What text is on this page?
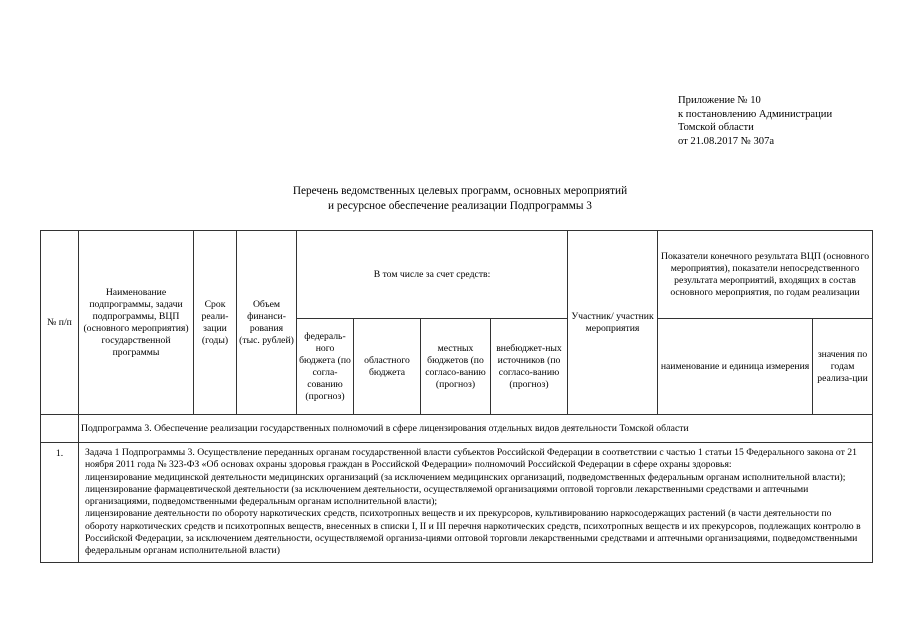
Приложение № 10
к постановлению Администрации
Томской области
от 21.08.2017 № 307а
Перечень ведомственных целевых программ, основных мероприятий
и ресурсное обеспечение реализации Подпрограммы 3
№ п/п	Наименование подпрограммы, задачи подпрограммы, ВЦП (основного мероприятия) государственной программы	Срок реали-зации (годы)	Объем финанси-рования (тыс. рублей)	В том числе за счет средств:				Участник/ участник мероприятия	Показатели конечного результата ВЦП (основного мероприятия), показатели непосредственного результата мероприятий, входящих в состав основного мероприятия, по годам реализации	
				федераль-ного бюджета (по согла-сованию (прогноз)	областного бюджета	местных бюджетов (по согласо-ванию (прогноз)	внебюджет-ных источников (по согласо-ванию (прогноз)		наименование и единица измерения	значения по годам реализа-ции
	Подпрограмма 3. Обеспечение реализации государственных полномочий в сфере лицензирования отдельных видов деятельности Томской области									
1.	Задача 1 Подпрограммы 3. Осуществление переданных органам государственной власти субъектов Российской Федерации в соответствии с частью 1 статьи 15 Федерального закона от 21 ноября 2011 года № 323-ФЗ «Об основах охраны здоровья граждан в Российской Федерации» полномочий Российской Федерации в сфере охраны здоровья:

лицензирование медицинской деятельности медицинских организаций (за исключением медицинских организаций, подведомственных федеральным органам исполнительной власти);

лицензирование фармацевтической деятельности (за исключением деятельности, осуществляемой организациями оптовой торговли лекарственными средствами и аптечными организациями, подведомственными федеральным органам исполнительной власти);

лицензирование деятельности по обороту наркотических средств, психотропных веществ и их прекурсоров, культивированию наркосодержащих растений (в части деятельности по обороту наркотических средств и психотропных веществ, внесенных в списки I, II и III перечня наркотических средств, психотропных веществ и их прекурсоров, подлежащих контролю в Российской Федерации, за исключением деятельности, осуществляемой организа-циями оптовой торговли лекарственными средствами и аптечными организациями, подведомственными федеральным органам исполнительной власти)									
